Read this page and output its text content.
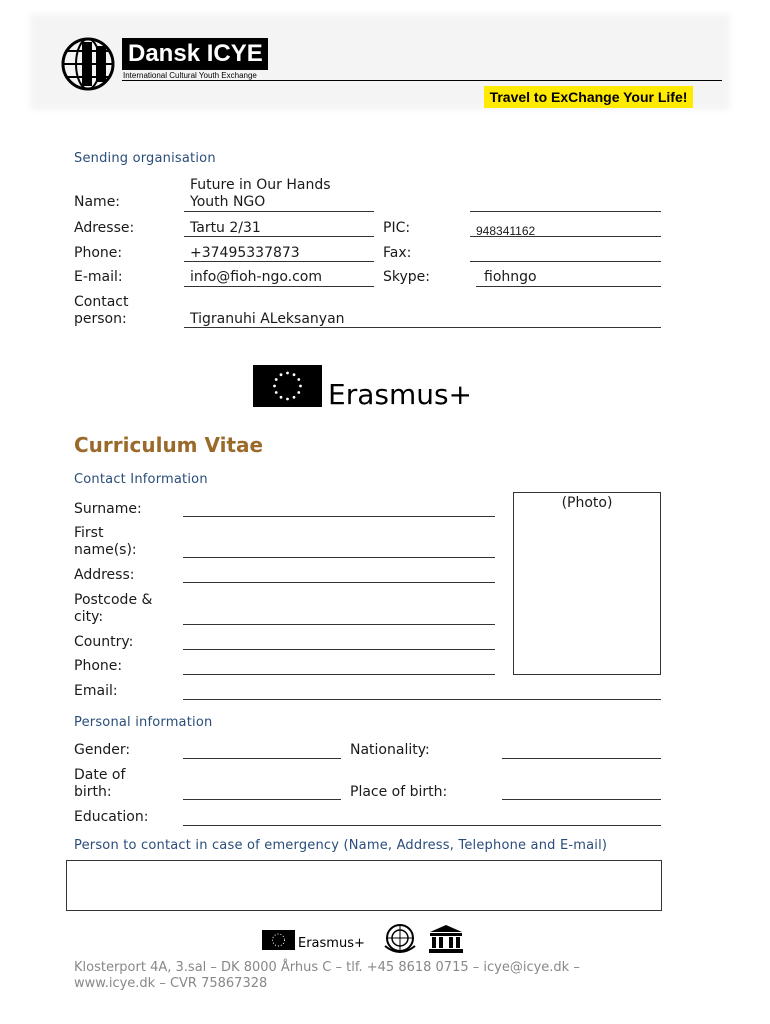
Dansk ICYE
International Cultural Youth Exchange
Travel to ExChange Your Life!
Sending organisation
Name:
Future in Our Hands
Youth NGO
Adresse:	Tartu 2/31	PIC:	948341162
Phone:	+37495337873	Fax:
E-mail:	info@fioh-ngo.com	Skype:	fiohngo
Contact
person:	Tigranuhi ALeksanyan
Erasmus+
Curriculum Vitae
Contact Information
(Photo)
Surname:
First
name(s):
Address:
Postcode &
city:
Country:
Phone:
Email:
Personal information
Gender:	Nationality:
Date of
birth:	Place of birth:
Education:
Person to contact in case of emergency (Name, Address, Telephone and E-mail)
Erasmus+
Klosterport 4A, 3.sal – DK 8000 Århus C – tlf. +45 8618 0715 – icye@icye.dk –
www.icye.dk – CVR 75867328
